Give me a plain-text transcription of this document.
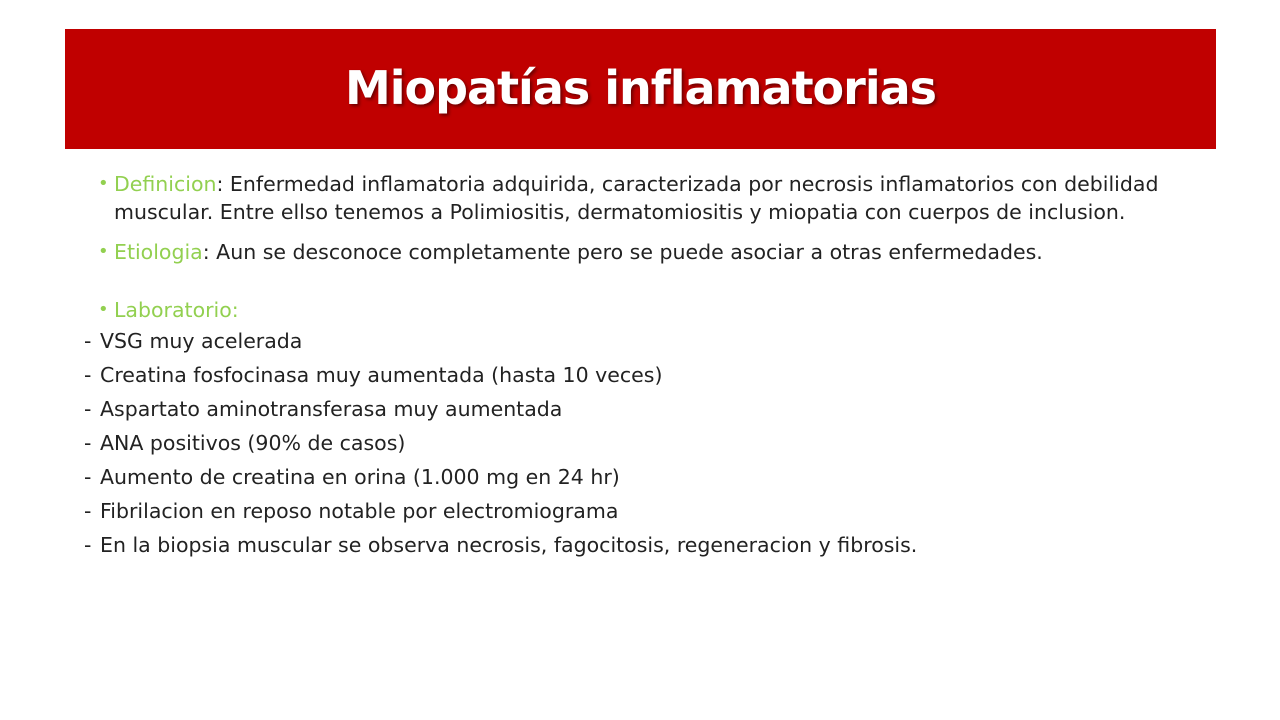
Miopatías inflamatorias
• Definicion: Enfermedad inflamatoria adquirida, caracterizada por necrosis inflamatorios con debilidad muscular. Entre ellso tenemos a Polimiositis, dermatomiositis y miopatia con cuerpos de inclusion.
• Etiologia: Aun se desconoce completamente pero se puede asociar a otras enfermedades.
• Laboratorio:
- VSG muy acelerada
- Creatina fosfocinasa muy aumentada (hasta 10 veces)
- Aspartato aminotransferasa muy aumentada
- ANA positivos (90% de casos)
- Aumento de creatina en orina (1.000 mg en 24 hr)
- Fibrilacion en reposo notable por electromiograma
- En la biopsia muscular se observa necrosis, fagocitosis, regeneracion y fibrosis.
